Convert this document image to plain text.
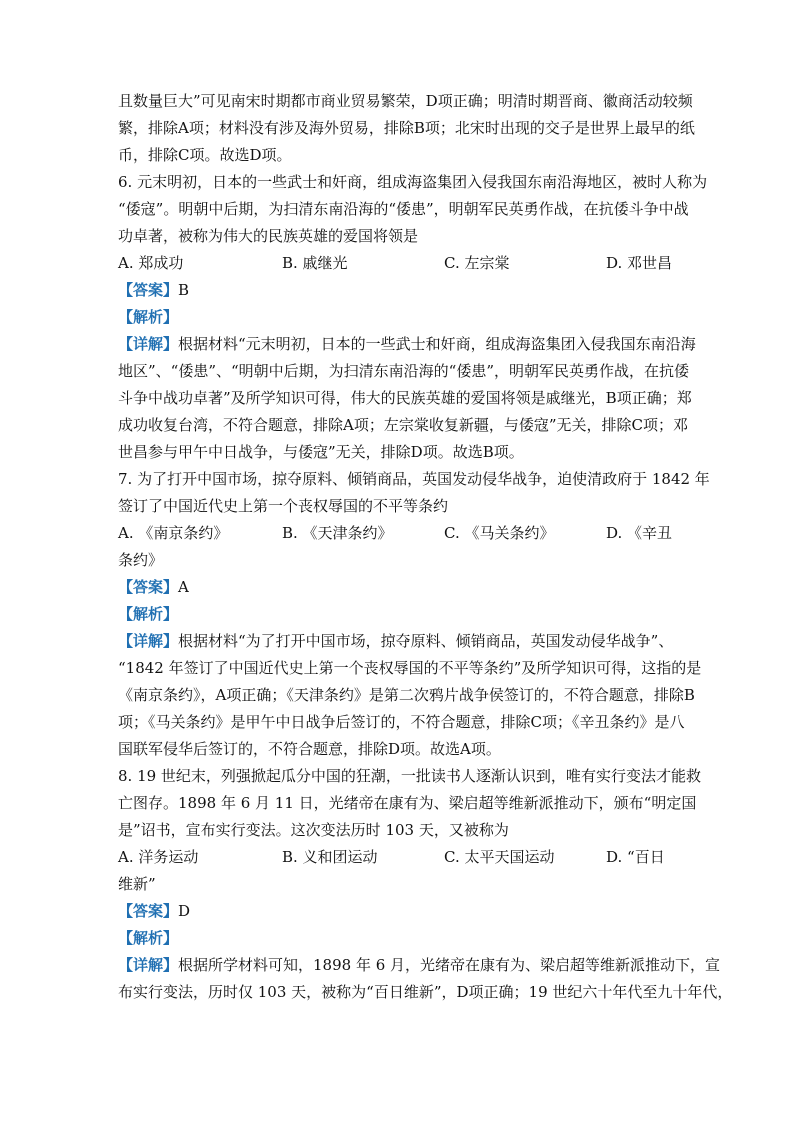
且数量巨大”可见南宋时期都市商业贸易繁荣，D项正确；明清时期晋商、徽商活动较频
繁，排除A项；材料没有涉及海外贸易，排除B项；北宋时出现的交子是世界上最早的纸
币，排除C项。故选D项。
6. 元末明初，日本的一些武士和奸商，组成海盗集团入侵我国东南沿海地区，被时人称为
“倭寇”。明朝中后期，为扫清东南沿海的“倭患”，明朝军民英勇作战，在抗倭斗争中战
功卓著，被称为伟大的民族英雄的爱国将领是
A. 郑成功	B. 戚继光	C. 左宗棠	D. 邓世昌
【答案】B
【解析】
【详解】根据材料“元末明初，日本的一些武士和奸商，组成海盗集团入侵我国东南沿海
地区”、“倭患”、“明朝中后期，为扫清东南沿海的“倭患”，明朝军民英勇作战，在抗倭
斗争中战功卓著”及所学知识可得，伟大的民族英雄的爱国将领是戚继光，B项正确；郑
成功收复台湾，不符合题意，排除A项；左宗棠收复新疆，与倭寇”无关，排除C项；邓
世昌参与甲午中日战争，与倭寇”无关，排除D项。故选B项。
7. 为了打开中国市场，掠夺原料、倾销商品，英国发动侵华战争，迫使清政府于 1842 年
签订了中国近代史上第一个丧权辱国的不平等条约
A. 《南京条约》	B. 《天津条约》	C. 《马关条约》	D. 《辛丑
条约》
【答案】A
【解析】
【详解】根据材料“为了打开中国市场，掠夺原料、倾销商品，英国发动侵华战争”、
“1842 年签订了中国近代史上第一个丧权辱国的不平等条约”及所学知识可得，这指的是
《南京条约》，A项正确；《天津条约》是第二次鸦片战争侯签订的，不符合题意，排除B
项；《马关条约》是甲午中日战争后签订的，不符合题意，排除C项；《辛丑条约》是八
国联军侵华后签订的，不符合题意，排除D项。故选A项。
8. 19 世纪末，列强掀起瓜分中国的狂潮，一批读书人逐渐认识到，唯有实行变法才能救
亡图存。1898 年 6 月 11 日，光绪帝在康有为、梁启超等维新派推动下，颁布“明定国
是”诏书，宣布实行变法。这次变法历时 103 天，又被称为
A. 洋务运动	B. 义和团运动	C. 太平天国运动	D. “百日
维新”
【答案】D
【解析】
【详解】根据所学材料可知，1898 年 6 月，光绪帝在康有为、梁启超等维新派推动下，宣
布实行变法，历时仅 103 天，被称为“百日维新”，D项正确；19 世纪六十年代至九十年代，
